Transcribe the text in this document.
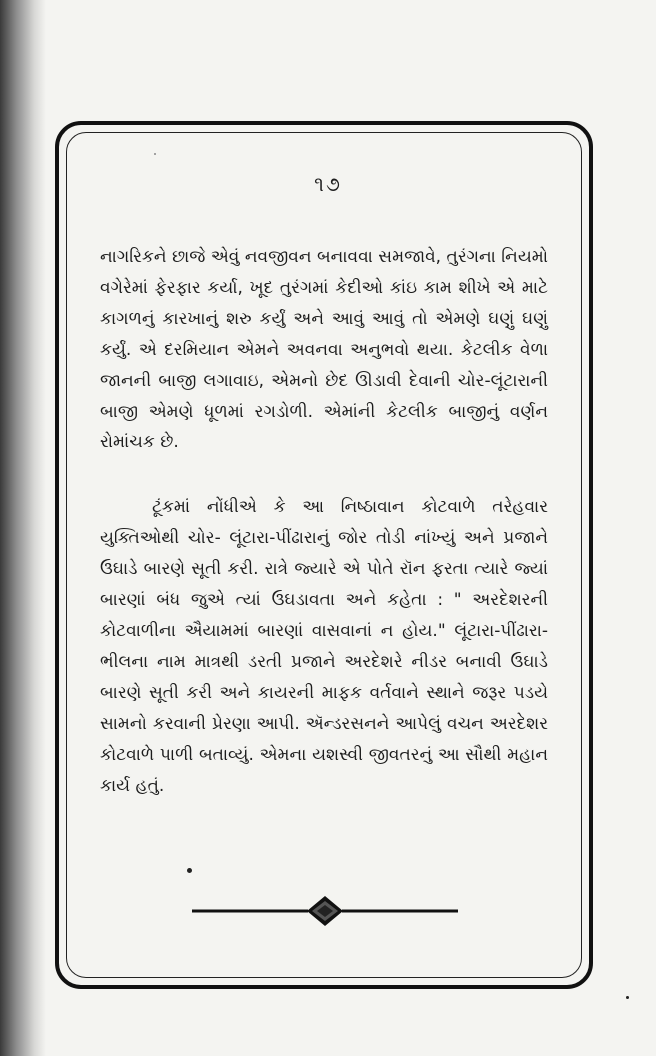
૧૭

નાગરિકને છાજે એવું નવજીવન બનાવવા સમજાવે, તુરંગના નિયમો વગેરેમાં ફેરફાર કર્યા, ખૂદ તુરંગમાં કેદીઓ કાંઇ કામ શીખે એ માટે કાગળનું કારખાનું શરુ કર્યું અને આવું આવું તો એમણે ઘણું ઘણું કર્યું. એ દરમિયાન એમને અવનવા અનુભવો થયા. કેટલીક વેળા જાનની બાજી લગાવાઇ, એમનો છેદ ઊડાવી દેવાની ચોર-લૂંટારાની બાજી એમણે ધૂળમાં રગડોળી. એમાંની કેટલીક બાજીનું વર્ણન રોમાંચક છે.

ટૂંકમાં નોંધીએ કે આ નિષ્ઠાવાન કોટવાળે તરેહવાર યુક્તિઓથી ચોર- લૂંટારા-પીંઢારાનું જોર તોડી નાંખ્યું અને પ્રજાને ઉઘાડે બારણે સૂતી કરી. રાત્રે જ્યારે એ પોતે રૉન ફરતા ત્યારે જ્યાં બારણાં બંધ જુએ ત્યાં ઉઘડાવતા અને કહેતા : " અરદેશરની કોટવાળીના ઐયામમાં બારણાં વાસવાનાં ન હોય." લૂંટારા-પીંઢારા-ભીલના નામ માત્રથી ડરતી પ્રજાને અરદેશરે નીડર બનાવી ઉઘાડે બારણે સૂતી કરી અને કાયરની માફક વર્તવાને સ્થાને જરૂર પડયે સામનો કરવાની પ્રેરણા આપી. ઍન્ડરસનને આપેલું વચન અરદેશર કોટવાળે પાળી બતાવ્યું. એમના યશસ્વી જીવતરનું આ સૌથી મહાન કાર્ય હતું.
